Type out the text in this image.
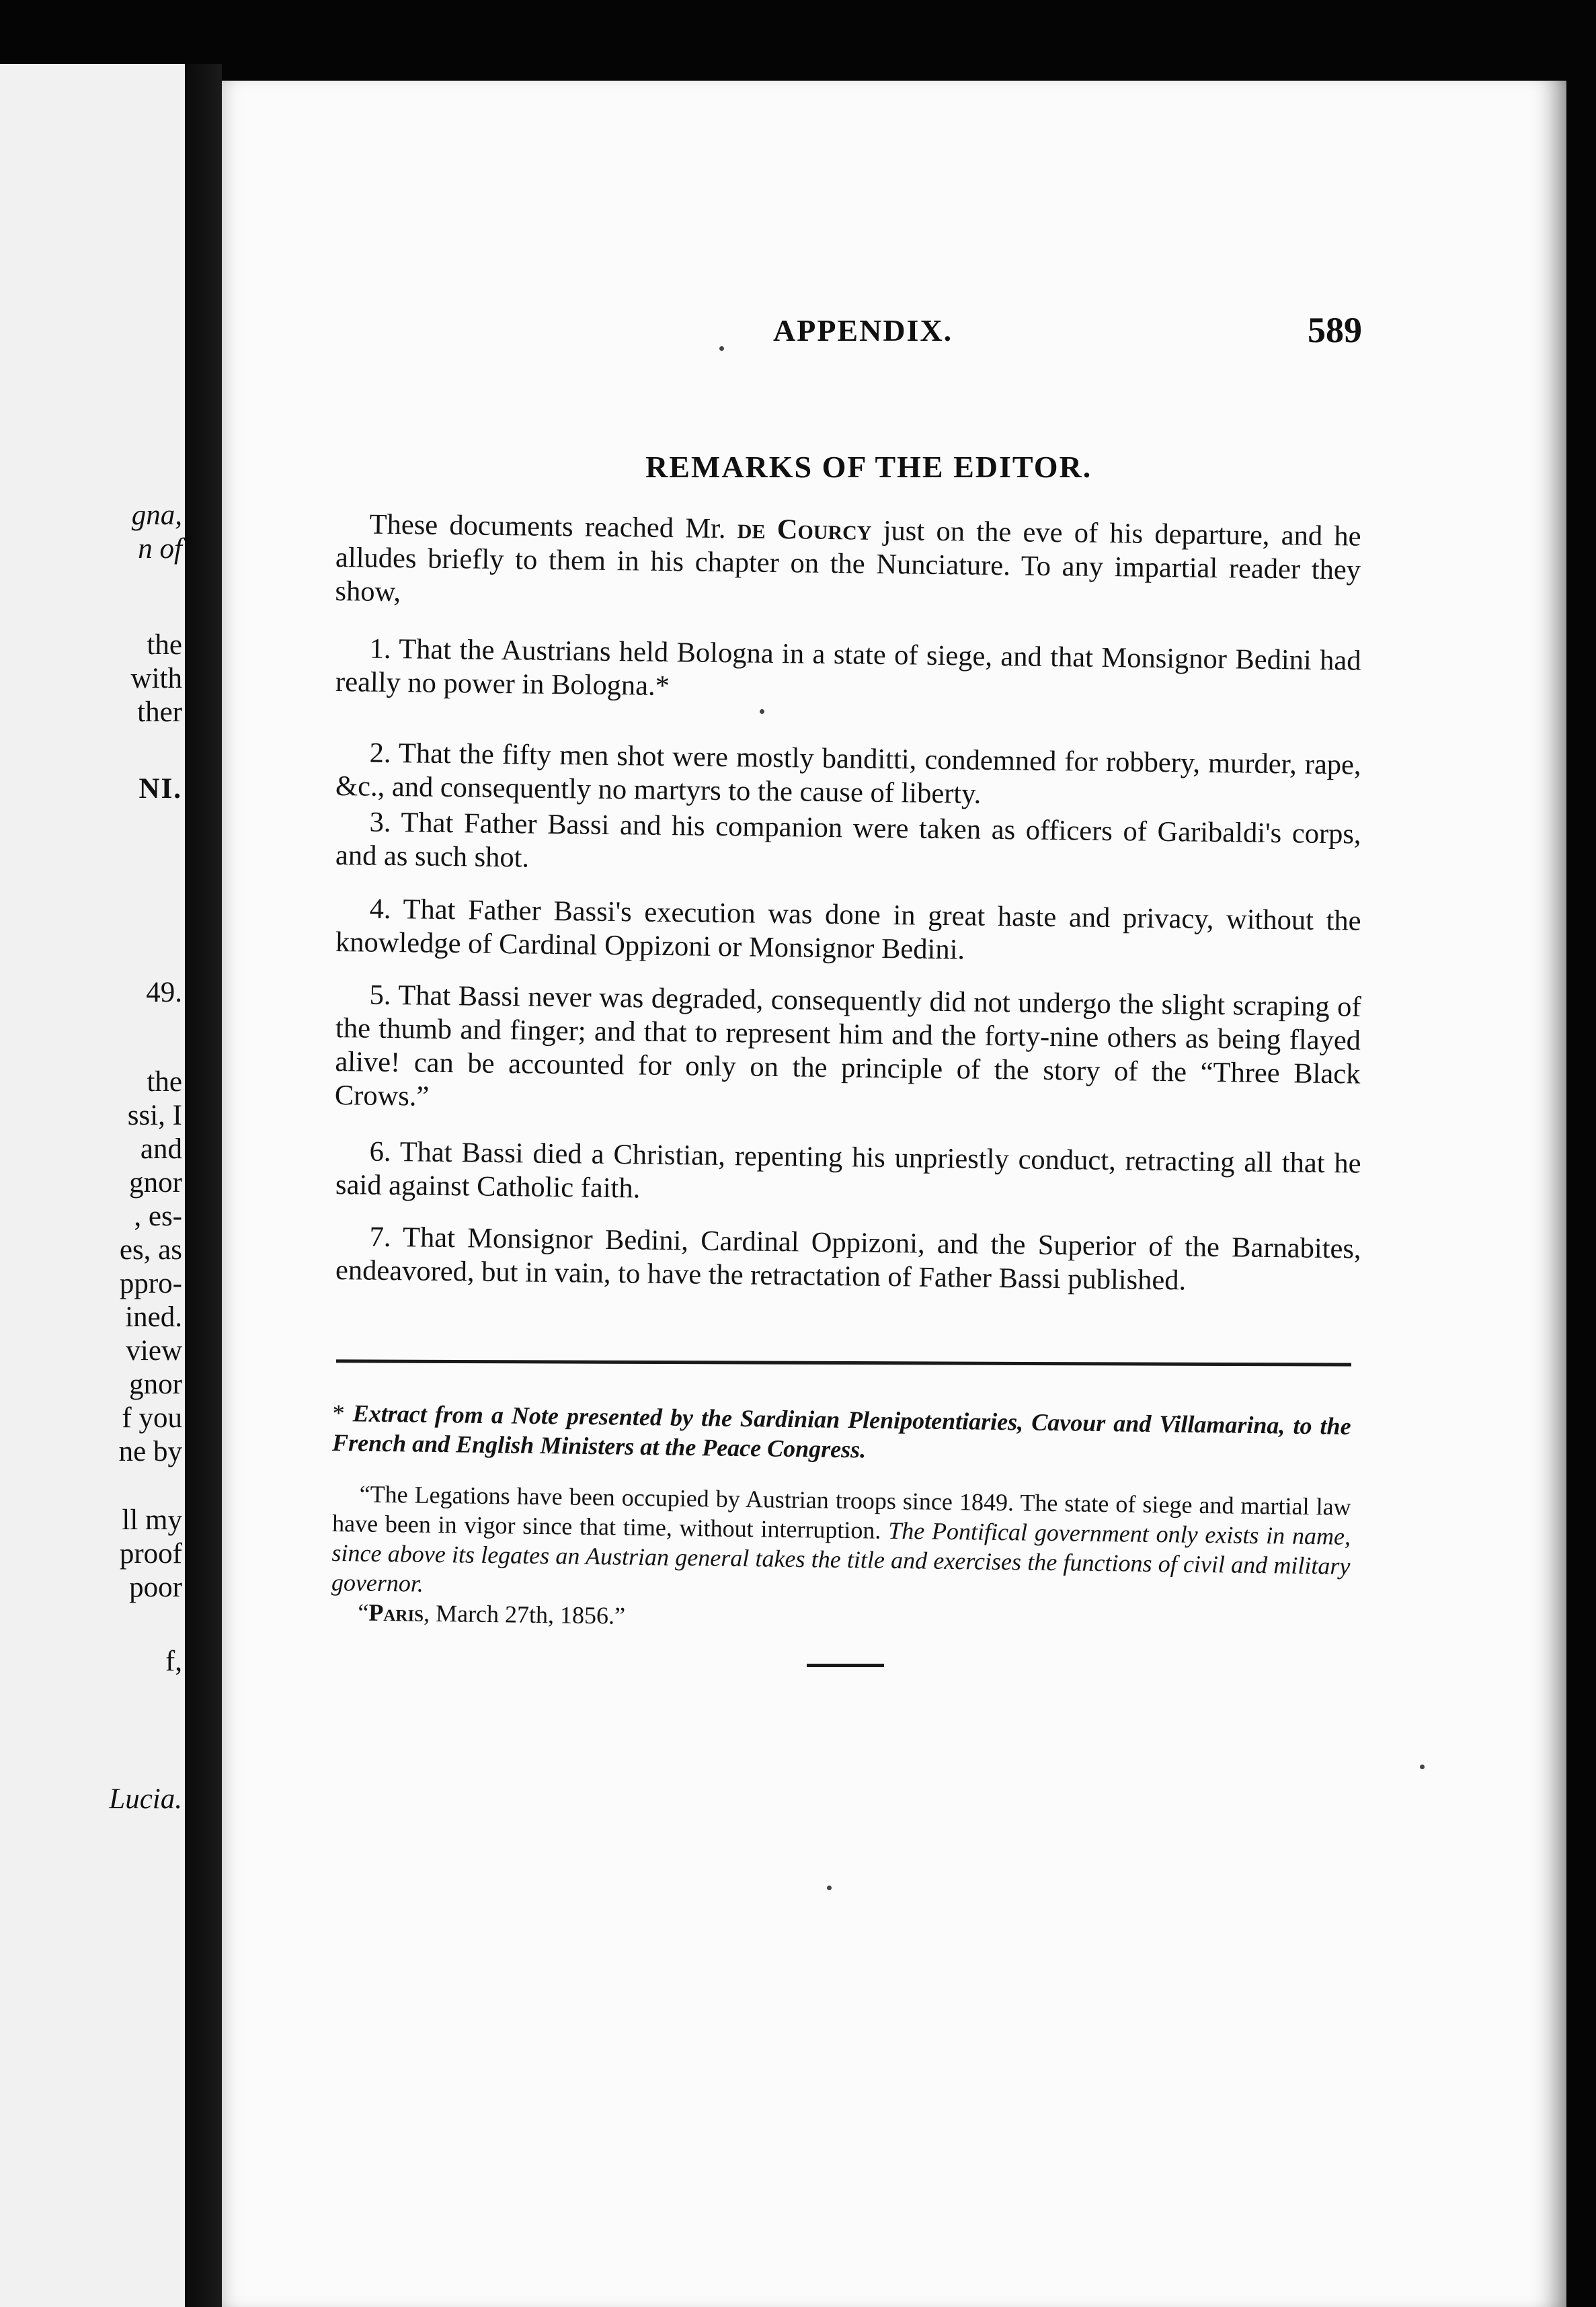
gna,
n of
the
with
ther
NI.
49.
the
ssi, I
and
gnor
, es-
es, as
ppro-
ined.
view
gnor
f you
ne by
ll my
proof
poor
f,
Lucia.
APPENDIX.	589
REMARKS OF THE EDITOR.
These documents reached Mr. de Courcy just on the eve of his departure, and he alludes briefly to them in his chapter on the Nunciature. To any impartial reader they show,
1. That the Austrians held Bologna in a state of siege, and that Monsignor Bedini had really no power in Bologna.*
2. That the fifty men shot were mostly banditti, condemned for robbery, murder, rape, &c., and consequently no martyrs to the cause of liberty.
3. That Father Bassi and his companion were taken as officers of Garibaldi's corps, and as such shot.
4. That Father Bassi's execution was done in great haste and privacy, without the knowledge of Cardinal Oppizoni or Monsignor Bedini.
5. That Bassi never was degraded, consequently did not undergo the slight scraping of the thumb and finger; and that to represent him and the forty-nine others as being flayed alive! can be accounted for only on the principle of the story of the “Three Black Crows.”
6. That Bassi died a Christian, repenting his unpriestly conduct, retracting all that he said against Catholic faith.
7. That Monsignor Bedini, Cardinal Oppizoni, and the Superior of the Barnabites, endeavored, but in vain, to have the retractation of Father Bassi published.
* Extract from a Note presented by the Sardinian Plenipotentiaries, Cavour and Villamarina, to the French and English Ministers at the Peace Congress.
“The Legations have been occupied by Austrian troops since 1849. The state of siege and martial law have been in vigor since that time, without interruption. The Pontifical government only exists in name, since above its legates an Austrian general takes the title and exercises the functions of civil and military governor.
“Paris, March 27th, 1856.”
